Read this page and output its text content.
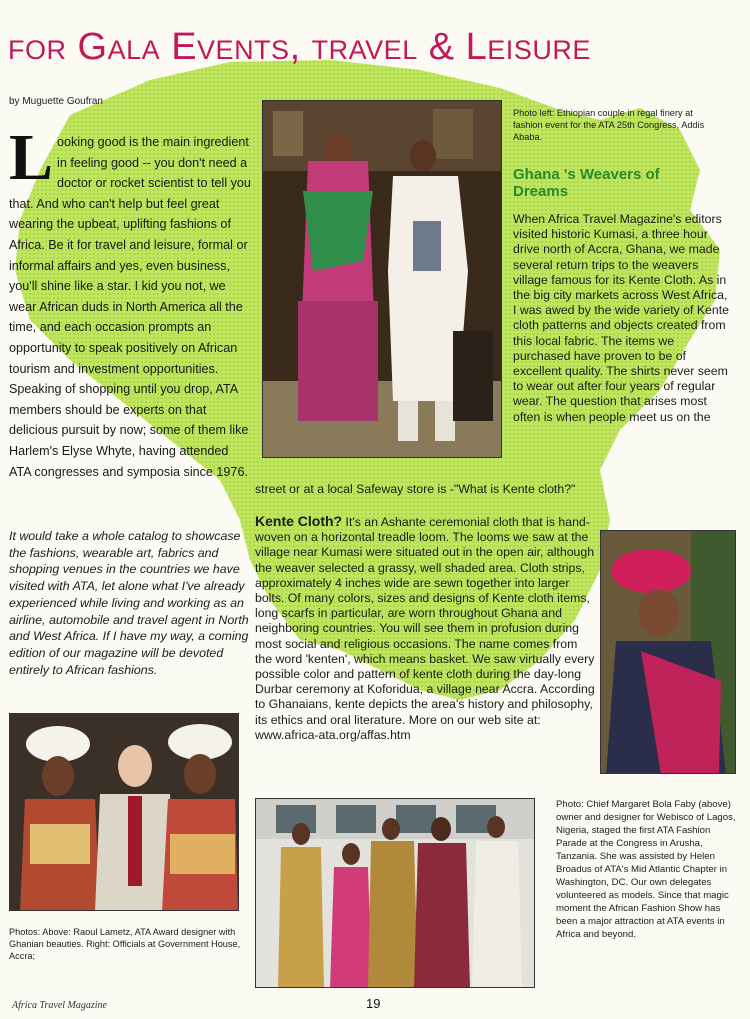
for Gala Events, travel & Leisure
by Muguette Goufran
L ooking good is the main ingredient in feeling good -- you don't need a doctor or rocket scientist to tell you that. And who can't help but feel great wearing the upbeat, uplifting fashions of Africa. Be it for travel and leisure, formal or informal affairs and yes, even business, you'll shine like a star. I kid you not, we wear African duds in North America all the time, and each occasion prompts an opportunity to speak positively on African tourism and investment opportunities. Speaking of shopping until you drop, ATA members should be experts on that delicious pursuit by now; some of them like Harlem's Elyse Whyte, having attended ATA congresses and symposia since 1976.
It would take a whole catalog to showcase the fashions, wearable art, fabrics and shopping venues in the countries we have visited with ATA, let alone what I've already experienced while living and working as an airline, automobile and travel agent in North and West Africa. If I have my way, a coming edition of our magazine will be devoted entirely to African fashions.
Photo left: Ethiopian couple in regal finery at fashion event for the ATA 25th Congress, Addis Ababa.
Ghana 's Weavers of Dreams
When Africa Travel Magazine's editors visited historic Kumasi, a three hour drive north of Accra, Ghana, we made several return trips to the weavers village famous for its Kente Cloth. As in the big city markets across West Africa, I was awed by the wide variety of Kente cloth patterns and objects created from this local fabric. The items we purchased have proven to be of excellent quality. The shirts never seem to wear out after four years of regular wear. The question that arises most often is when people meet us on the
street or at a local Safeway store is -"What is Kente cloth?"
Kente Cloth? It's an Ashante ceremonial cloth that is hand-woven on a horizontal treadle loom. The looms we saw at the village near Kumasi were situated out in the open air, although the weaver selected a grassy, well shaded area. Cloth strips, approximately 4 inches wide are sewn together into larger bolts. Of many colors, sizes and designs of Kente cloth items, long scarfs in particular, are worn throughout Ghana and neighboring countries. You will see them in profusion during most social and religious occasions. The name comes from the word 'kenten', which means basket. We saw virtually every possible color and pattern of kente cloth during the day-long Durbar ceremony at Koforidua, a village near Accra. According to Ghanaians, kente depicts the area's history and philosophy, its ethics and oral literature. More on our web site at: www.africa-ata.org/affas.htm
Photos: Above: Raoul Lametz, ATA Award designer with Ghanian beauties. Right: Officials at Government House, Accra;
Photo: Chief Margaret Bola Faby (above) owner and designer for Webisco of Lagos, Nigeria, staged the first ATA Fashion Parade at the Congress in Arusha, Tanzania. She was assisted by Helen Broadus of ATA's Mid Atlantic Chapter in Washington, DC. Our own delegates volunteered as models. Since that magic moment the African Fashion Show has been a major attraction at ATA events in Africa and beyond.
Africa Travel Magazine	19
